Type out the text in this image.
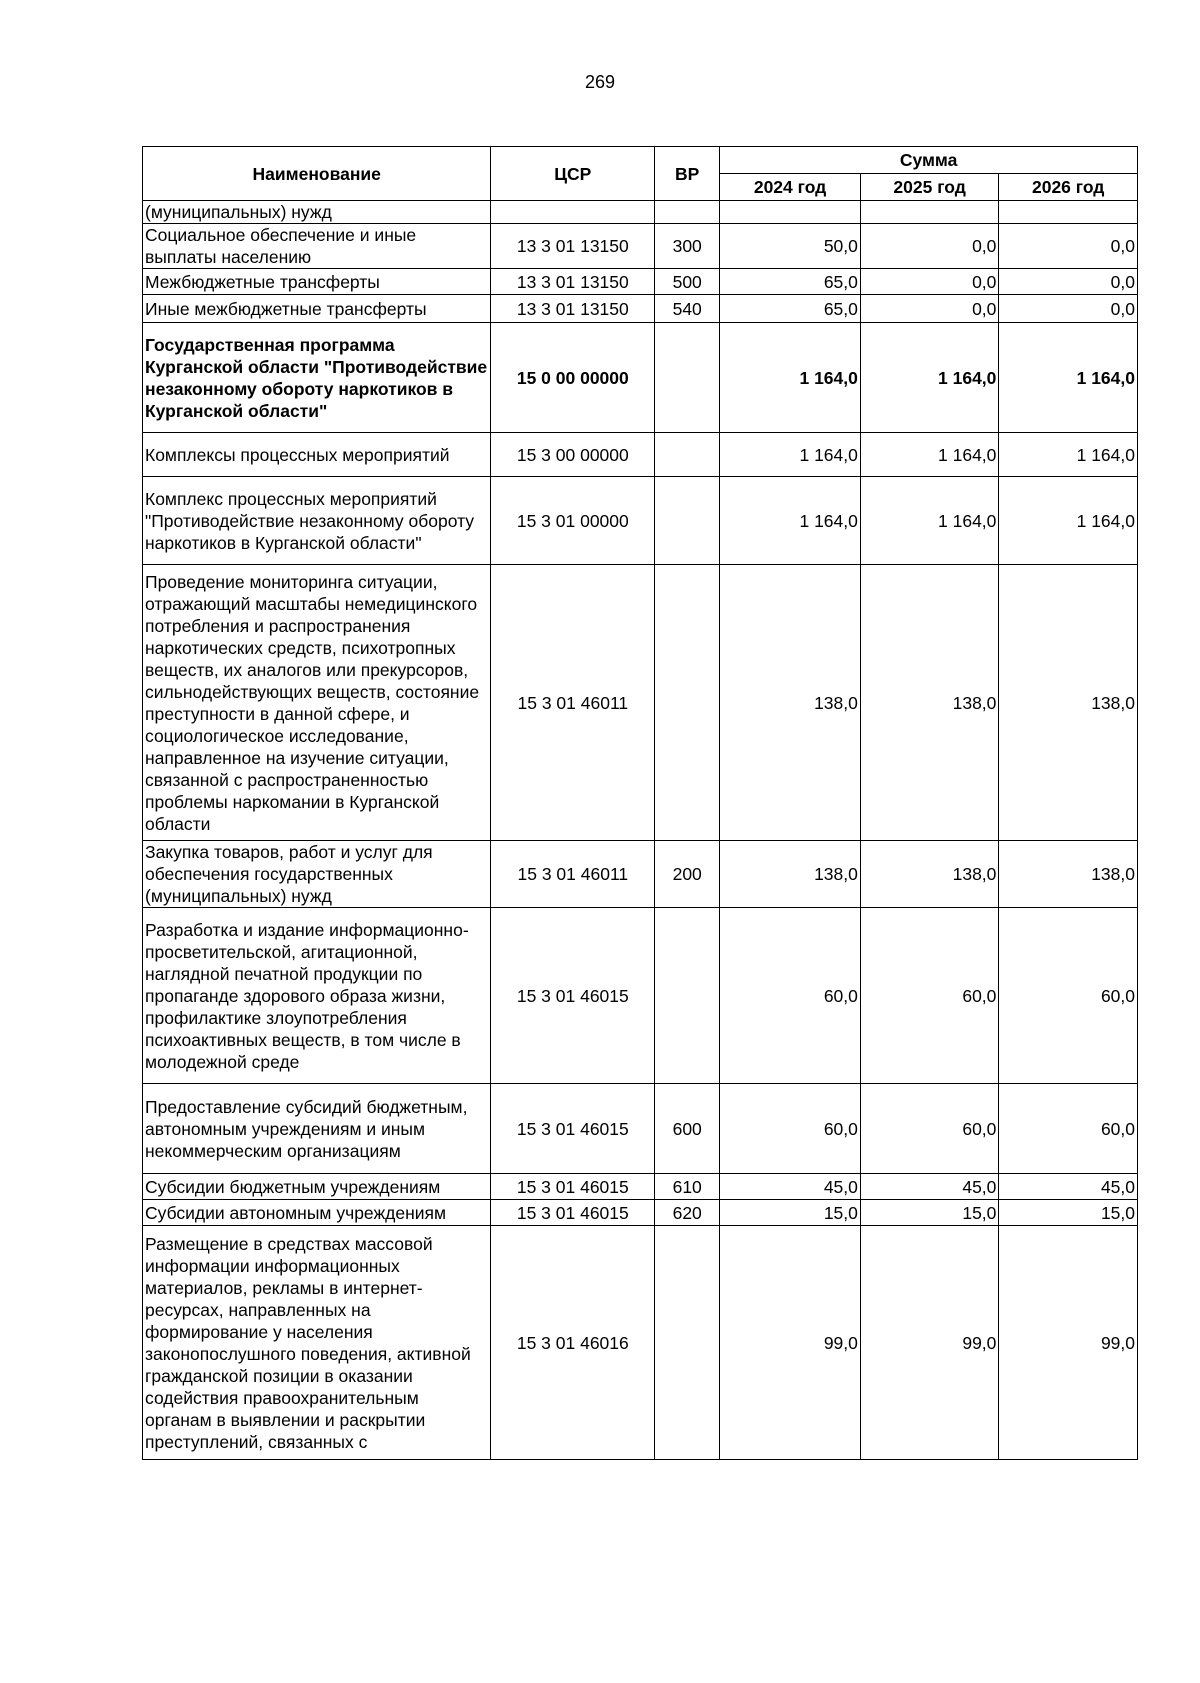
269
Наименование	ЦСР	ВР	Сумма		
			2024 год	2025 год	2026 год
(муниципальных) нужд					
Социальное обеспечение и иные выплаты населению	13 3 01 13150	300	50,0	0,0	0,0
Межбюджетные трансферты	13 3 01 13150	500	65,0	0,0	0,0
Иные межбюджетные трансферты	13 3 01 13150	540	65,0	0,0	0,0
Государственная программа Курганской области "Противодействие незаконному обороту наркотиков в Курганской области"	15 0 00 00000		1 164,0	1 164,0	1 164,0
Комплексы процессных мероприятий	15 3 00 00000		1 164,0	1 164,0	1 164,0
Комплекс процессных мероприятий "Противодействие незаконному обороту наркотиков в Курганской области"	15 3 01 00000		1 164,0	1 164,0	1 164,0
Проведение мониторинга ситуации, отражающий масштабы немедицинского потребления и распространения наркотических средств, психотропных веществ, их аналогов или прекурсоров, сильнодействующих веществ, состояние преступности в данной сфере, и социологическое исследование, направленное на изучение ситуации, связанной с распространенностью проблемы наркомании в Курганской области	15 3 01 46011		138,0	138,0	138,0
Закупка товаров, работ и услуг для обеспечения государственных (муниципальных) нужд	15 3 01 46011	200	138,0	138,0	138,0
Разработка и издание информационно-просветительской, агитационной, наглядной печатной продукции по пропаганде здорового образа жизни, профилактике злоупотребления психоактивных веществ, в том числе в молодежной среде	15 3 01 46015		60,0	60,0	60,0
Предоставление субсидий бюджетным, автономным учреждениям и иным некоммерческим организациям	15 3 01 46015	600	60,0	60,0	60,0
Субсидии бюджетным учреждениям	15 3 01 46015	610	45,0	45,0	45,0
Субсидии автономным учреждениям	15 3 01 46015	620	15,0	15,0	15,0
Размещение в средствах массовой информации информационных материалов, рекламы в интернет-ресурсах, направленных на формирование у населения законопослушного поведения, активной гражданской позиции в оказании содействия правоохранительным органам в выявлении и раскрытии преступлений, связанных с	15 3 01 46016		99,0	99,0	99,0
